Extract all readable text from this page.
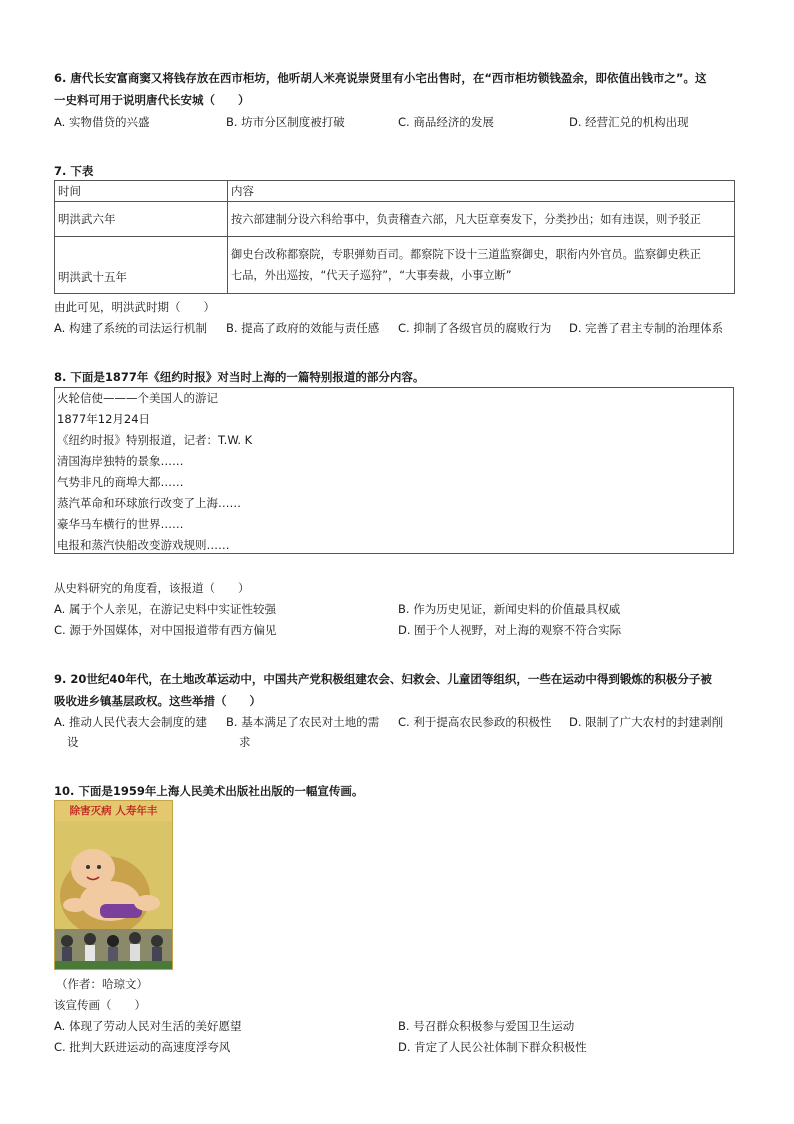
6. 唐代长安富商窦又将钱存放在西市柜坊，他听胡人米亮说崇贤里有小宅出售时，在“西市柜坊锁钱盈余，即依值出钱市之”。这
一史料可用于说明唐代长安城（　　）
A. 实物借贷的兴盛	B. 坊市分区制度被打破	C. 商品经济的发展	D. 经营汇兑的机构出现
7. 下表
时间	内容
明洪武六年	按六部建制分设六科给事中，负责稽查六部，凡大臣章奏发下，分类抄出；如有违误，则予驳正
明洪武十五年	御史台改称都察院，专职弹劾百司。都察院下设十三道监察御史，职衔内外官员。监察御史秩正
七品，外出巡按，“代天子巡狩”，“大事奏裁，小事立断”
由此可见，明洪武时期（　　）
A. 构建了系统的司法运行机制 B. 提高了政府的效能与责任感 C. 抑制了各级官员的腐败行为 D. 完善了君主专制的治理体系
8. 下面是1877年《纽约时报》对当时上海的一篇特别报道的部分内容。
火轮信使———个美国人的游记
1877年12月24日
《纽约时报》特别报道，记者：T.W. K
清国海岸独特的景象……
气势非凡的商埠大都……
蒸汽革命和环球旅行改变了上海……
豪华马车横行的世界……
电报和蒸汽快船改变游戏规则……
从史料研究的角度看，该报道（　　）
A. 属于个人亲见，在游记史料中实证性较强	B. 作为历史见证，新闻史料的价值最具权威
C. 源于外国媒体，对中国报道带有西方偏见	D. 囿于个人视野，对上海的观察不符合实际
9. 20世纪40年代，在土地改革运动中，中国共产党积极组建农会、妇救会、儿童团等组织，一些在运动中得到锻炼的积极分子被
吸收进乡镇基层政权。这些举措（　　）
A. 推动人民代表大会制度的建
设
B. 基本满足了农民对土地的需
求
C. 利于提高农民参政的积极性 D. 限制了广大农村的封建剥削
10. 下面是1959年上海人民美术出版社出版的一幅宣传画。
除害灭病 人寿年丰
（作者：哈琼文）
该宣传画（　　）
A. 体现了劳动人民对生活的美好愿望	B. 号召群众积极参与爱国卫生运动
C. 批判大跃进运动的高速度浮夸风	D. 肯定了人民公社体制下群众积极性
